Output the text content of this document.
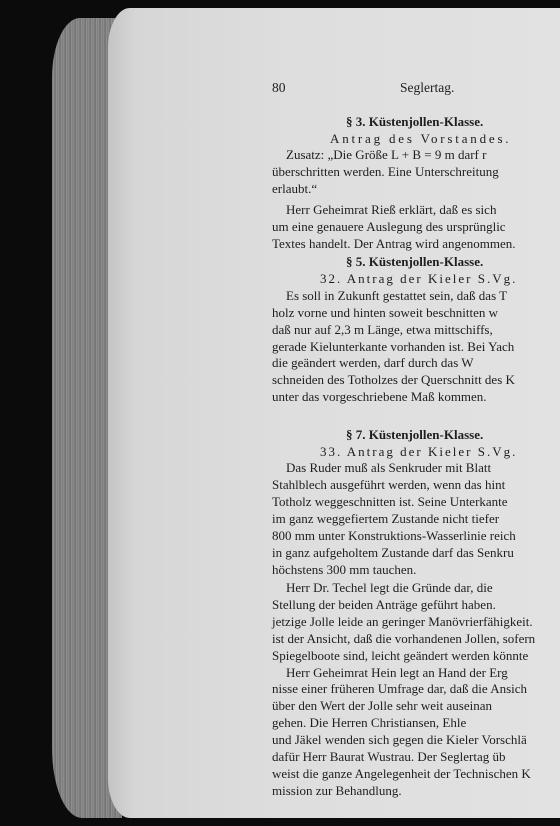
80	Seglertag.
§ 3. Küstenjollen-Klasse.
Antrag des Vorstandes.
Zusatz: „Die Größe L + B = 9 m darf r
überschritten werden. Eine Unterschreitung
erlaubt.“
Herr Geheimrat Rieß erklärt, daß es sich
um eine genauere Auslegung des ursprünglic
Textes handelt. Der Antrag wird angenommen.
§ 5. Küstenjollen-Klasse.
32. Antrag der Kieler S.Vg.
Es soll in Zukunft gestattet sein, daß das T
holz vorne und hinten soweit beschnitten w
daß nur auf 2,3 m Länge, etwa mittschiffs,
gerade Kielunterkante vorhanden ist. Bei Yach
die geändert werden, darf durch das W
schneiden des Totholzes der Querschnitt des K
unter das vorgeschriebene Maß kommen.
§ 7. Küstenjollen-Klasse.
33. Antrag der Kieler S.Vg.
Das Ruder muß als Senkruder mit Blatt
Stahlblech ausgeführt werden, wenn das hint
Totholz weggeschnitten ist. Seine Unterkante
im ganz weggefiertem Zustande nicht tiefer
800 mm unter Konstruktions-Wasserlinie reich
in ganz aufgeholtem Zustande darf das Senkru
höchstens 300 mm tauchen.
Herr Dr. Techel legt die Gründe dar, die
Stellung der beiden Anträge geführt haben.
jetzige Jolle leide an geringer Manövrierfähigkeit.
ist der Ansicht, daß die vorhandenen Jollen, sofern
Spiegelboote sind, leicht geändert werden könnte
Herr Geheimrat Hein legt an Hand der Erg
nisse einer früheren Umfrage dar, daß die Ansich
über den Wert der Jolle sehr weit auseinan
gehen. Die Herren Christiansen, Ehle
und Jäkel wenden sich gegen die Kieler Vorschlä
dafür Herr Baurat Wustrau. Der Seglertag üb
weist die ganze Angelegenheit der Technischen K
mission zur Behandlung.
